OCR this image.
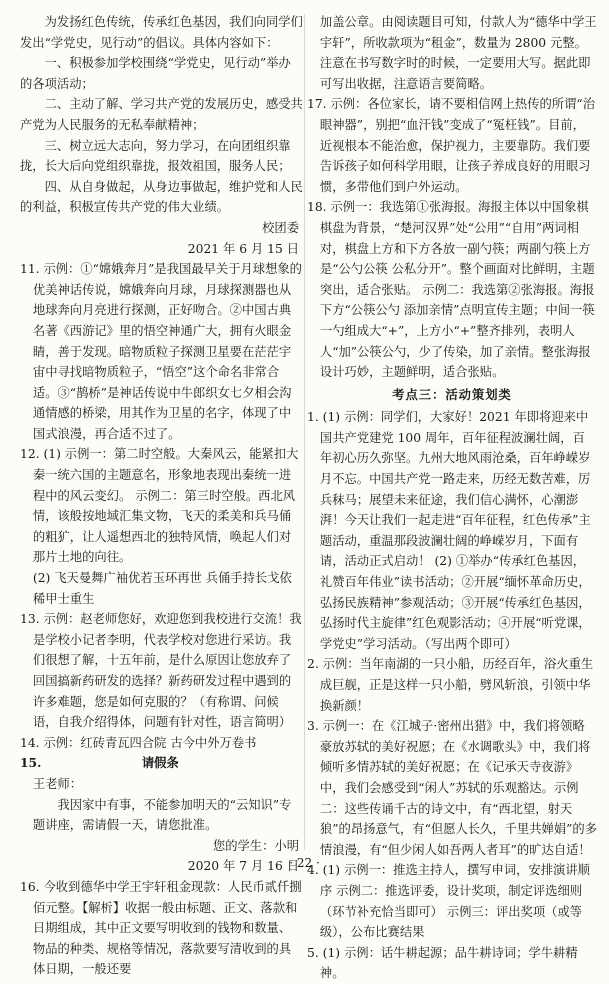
为发扬红色传统，传承红色基因，我们向同学们发出“学党史，见行动”的倡议。具体内容如下：

一、积极参加学校围绕“学党史，见行动”举办的各项活动；

二、主动了解、学习共产党的发展历史，感受共产党为人民服务的无私奉献精神；

三、树立远大志向，努力学习，在向团组织靠拢，长大后向党组织靠拢，报效祖国，服务人民；

四、从自身做起，从身边事做起，维护党和人民的利益，积极宣传共产党的伟大业绩。

校团委

2021 年 6 月 15 日

11. 示例：①“嫦娥奔月”是我国最早关于月球想象的优美神话传说，嫦娥奔向月球，月球探测器也从地球奔向月亮进行探测，正好吻合。②中国古典名著《西游记》里的悟空神通广大，拥有火眼金睛，善于发现。暗物质粒子探测卫星要在茫茫宇宙中寻找暗物质粒子，“悟空”这个命名非常合适。③“鹊桥”是神话传说中牛郎织女七夕相会沟通情感的桥梁，用其作为卫星的名字，体现了中国式浪漫，再合适不过了。

12. (1) 示例一：第二时空般。大秦风云，能紧扣大秦一统六国的主题意名，形象地表现出秦统一进程中的风云变幻。 示例二：第三时空般。西北风情，该般按地域汇集文物，飞天的柔美和兵马俑的粗犷，让人遥想西北的独特风情，唤起人们对那片土地的向往。

(2) 飞天曼舞广袖优若玉环再世 兵俑手持长戈依稀甲士重生

13. 示例：赵老师您好，欢迎您到我校进行交流！我是学校小记者李明，代表学校对您进行采访。我们很想了解，十五年前，是什么原因让您放弃了回国搞新药研发的选择？新药研发过程中遇到的许多难题，您是如何克服的？（有称谓、问候语，自我介绍得体，问题有针对性，语言简明）

14. 示例：红砖青瓦四合院 古今中外万卷书

15.	请假条

王老师：

我因家中有事，不能参加明天的“云知识”专题讲座，需请假一天，请您批准。

您的学生：小明

2020 年 7 月 16 日

16. 今收到德华中学王宇轩租金现款：人民币贰仟捌佰元整。【解析】收据一般由标题、正文、落款和日期组成，其中正文要写明收到的钱物和数量、物品的种类、规格等情况，落款要写清收到的具体日期，一般还要

加盖公章。由阅读题目可知，付款人为“德华中学王宇轩”，所收款项为“租金”，数量为 2800 元整。注意在书写数字时的时候，一定要用大写。据此即可写出收据，注意语言要简略。

17. 示例：各位家长，请不要相信网上热传的所谓“治眼神器”，别把“血汗钱”变成了“冤枉钱”。目前，近视根本不能治愈，保护视力，主要靠防。我们要告诉孩子如何科学用眼，让孩子养成良好的用眼习惯，多带他们到户外运动。

18. 示例一：我选第①张海报。海报主体以中国象棋棋盘为背景，“楚河汉界”处“公用”“自用”两词相对，棋盘上方和下方各放一副勺筷；两副勺筷上方是“公勺公筷 公私分开”。整个画面对比鲜明，主题突出，适合张贴。 示例二：我选第②张海报。海报下方“公筷公勺 添加亲情”点明宣传主题；中间一筷一勺组成大“+”，上方小“+”整齐排列，表明人人“加”公筷公勺，少了传染，加了亲情。整张海报设计巧妙，主题鲜明，适合张贴。

考点三：活动策划类

1. (1) 示例：同学们，大家好！2021 年即将迎来中国共产党建党 100 周年，百年征程波澜壮阔，百年初心历久弥坚。九州大地风雨沧桑，百年峥嵘岁月不忘。中国共产党一路走来，历经无数苦难，厉兵秣马；展望未来征途，我们信心满怀，心潮澎湃！今天让我们一起走进“百年征程，红色传承”主题活动，重温那段波澜壮阔的峥嵘岁月，下面有请，活动正式启动！ (2) ①举办“传承红色基因，礼赞百年伟业”读书活动；②开展“缅怀革命历史，弘扬民族精神”参观活动；③开展“传承红色基因，弘扬时代主旋律”红色观影活动；④开展“听党课，学党史”学习活动。（写出两个即可）

2. 示例：当年南湖的一只小船，历经百年，浴火重生成巨舰，正是这样一只小船，劈风斩浪，引领中华换新颜！

3. 示例一：在《江城子·密州出猎》中，我们将领略豪放苏轼的美好祝愿；在《水调歌头》中，我们将倾听多情苏轼的美好祝愿；在《记承天寺夜游》中，我们会感受到“闲人”苏轼的乐观豁达。示例二：这些传诵千古的诗文中，有“西北望，射天狼”的昂扬意气，有“但愿人长久，千里共婵娟”的多情浪漫，有“但少闲人如吾两人者耳”的旷达自适！

4. (1) 示例一：推选主持人，撰写申词，安排演讲顺序 示例二：推选评委，设计奖项，制定评选细则（环节补充恰当即可） 示例三：评出奖项（或等级），公布比赛结果

5. (1) 示例：话牛耕起源；品牛耕诗词；学牛耕精神。

· 22 ·
